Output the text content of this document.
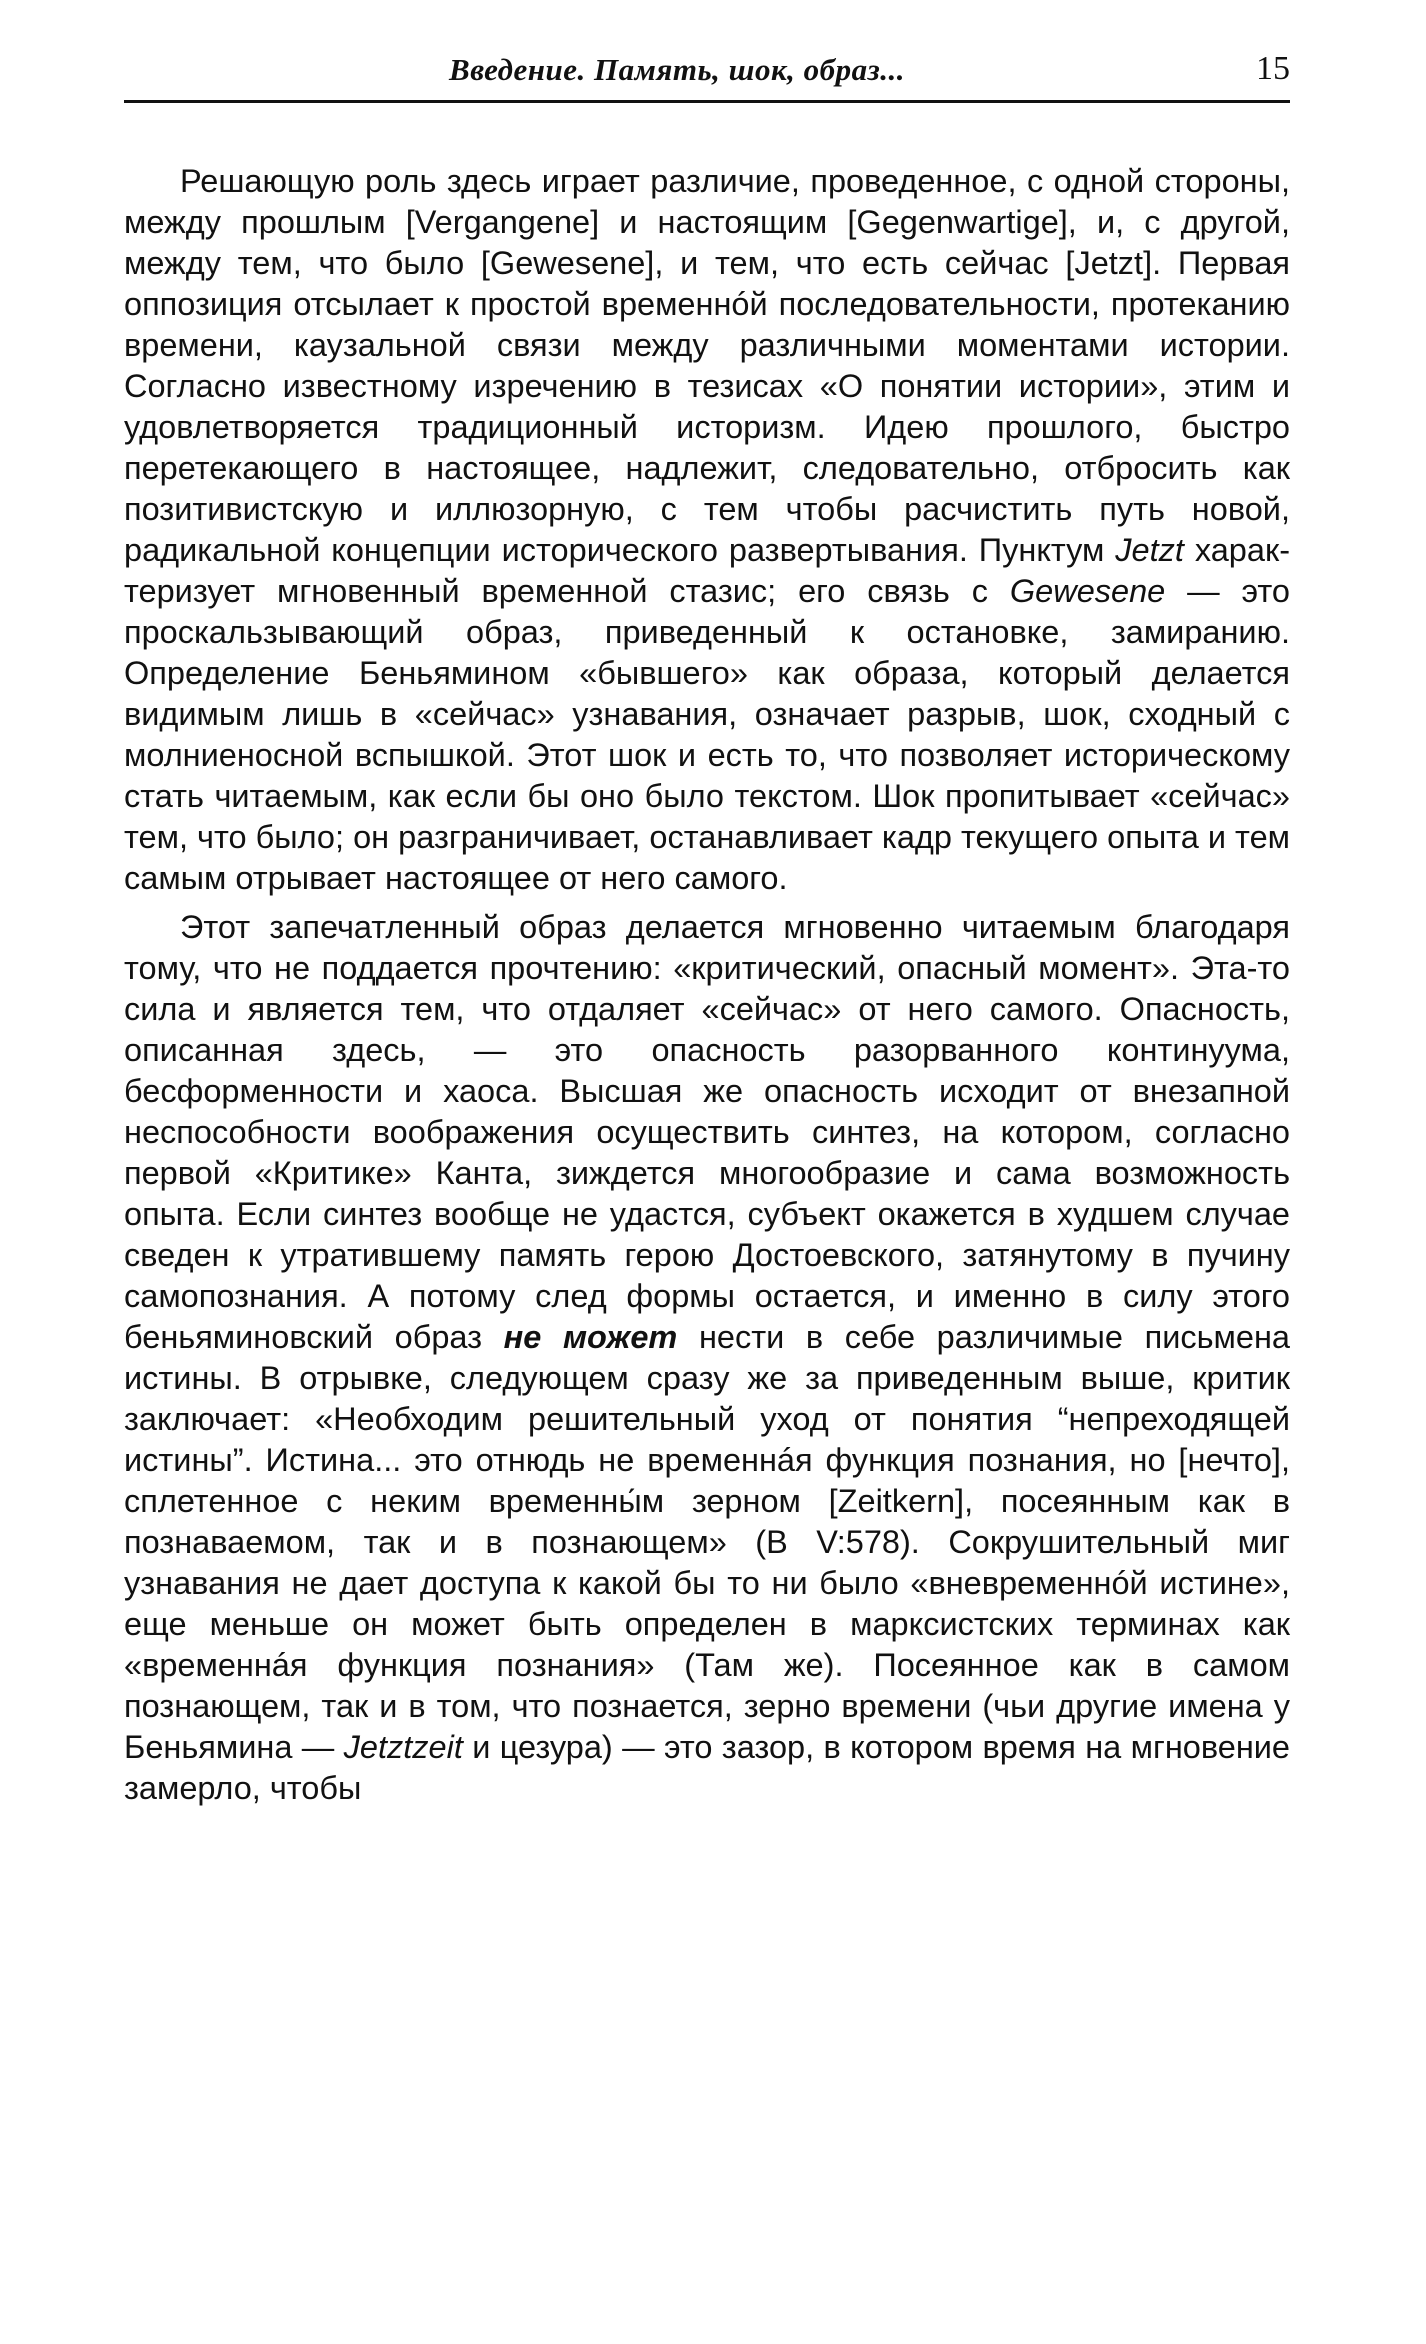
Введение. Память, шок, образ...	15

Решающую роль здесь играет различие, проведенное, с одной стороны, между прошлым [Vergangene] и настоящим [Gegenwartige], и, с другой, между тем, что было [Gewesene], и тем, что есть сейчас [Jetzt]. Первая оппозиция отсылает к простой временнóй последовательности, протеканию времени, каузальной связи между различными моментами истории. Согласно известному изречению в тезисах «О понятии истории», этим и удовлетворяется традиционный историзм. Идею прошлого, быстро перетекающего в настоящее, надлежит, следовательно, отбросить как позитивистскую и иллюзорную, с тем чтобы расчистить путь новой, радикальной концепции исторического развертывания. Пунктум Jetzt характеризует мгновенный временной стазис; его связь с Gewesene — это проскальзывающий образ, приведенный к остановке, замиранию. Определение Беньямином «бывшего» как образа, который делается видимым лишь в «сейчас» узнавания, означает разрыв, шок, сходный с молниеносной вспышкой. Этот шок и есть то, что позволяет историческому стать читаемым, как если бы оно было текстом. Шок пропитывает «сейчас» тем, что было; он разграничивает, останавливает кадр текущего опыта и тем самым отрывает настоящее от него самого.

Этот запечатленный образ делается мгновенно читаемым благодаря тому, что не поддается прочтению: «критический, опасный момент». Эта-то сила и является тем, что отдаляет «сейчас» от него самого. Опасность, описанная здесь, — это опасность разорванного континуума, бесформенности и хаоса. Высшая же опасность исходит от внезапной неспособности воображения осуществить синтез, на котором, согласно первой «Критике» Канта, зиждется многообразие и сама возможность опыта. Если синтез вообще не удастся, субъект окажется в худшем случае сведен к утратившему память герою Достоевского, затянутому в пучину самопознания. А потому след формы остается, и именно в силу этого беньяминовский образ не может нести в себе различимые письмена истины. В отрывке, следующем сразу же за приведенным выше, критик заключает: «Необходим решительный уход от понятия “непреходящей истины”. Истина... это отнюдь не временнáя функция познания, но [нечто], сплетенное с неким временны́м зерном [Zeitkern], посеянным как в познаваемом, так и в познающем» (В V:578). Сокрушительный миг узнавания не дает доступа к какой бы то ни было «вневременнóй истине», еще меньше он может быть определен в марксистских терминах как «временнáя функция познания» (Там же). Посеянное как в самом познающем, так и в том, что познается, зерно времени (чьи другие имена у Беньямина — Jetztzeit и цезура) — это зазор, в котором время на мгновение замерло, чтобы
